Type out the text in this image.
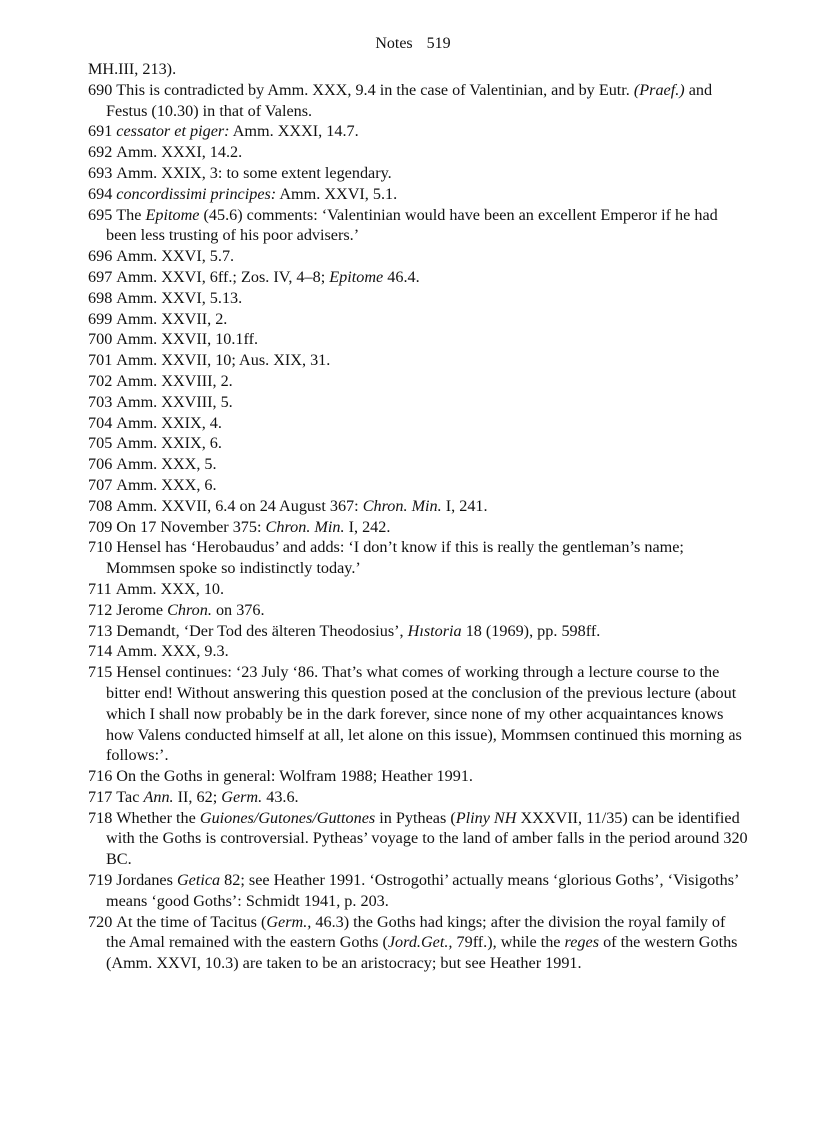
Notes 519
MH.III, 213).
690 This is contradicted by Amm. XXX, 9.4 in the case of Valentinian, and by Eutr. (Praef.) and Festus (10.30) in that of Valens.
691 cessator et piger: Amm. XXXI, 14.7.
692 Amm. XXXI, 14.2.
693 Amm. XXIX, 3: to some extent legendary.
694 concordissimi principes: Amm. XXVI, 5.1.
695 The Epitome (45.6) comments: ‘Valentinian would have been an excellent Emperor if he had been less trusting of his poor advisers.’
696 Amm. XXVI, 5.7.
697 Amm. XXVI, 6ff.; Zos. IV, 4–8; Epitome 46.4.
698 Amm. XXVI, 5.13.
699 Amm. XXVII, 2.
700 Amm. XXVII, 10.1ff.
701 Amm. XXVII, 10; Aus. XIX, 31.
702 Amm. XXVIII, 2.
703 Amm. XXVIII, 5.
704 Amm. XXIX, 4.
705 Amm. XXIX, 6.
706 Amm. XXX, 5.
707 Amm. XXX, 6.
708 Amm. XXVII, 6.4 on 24 August 367: Chron. Min. I, 241.
709 On 17 November 375: Chron. Min. I, 242.
710 Hensel has ‘Herobaudus’ and adds: ‘I don’t know if this is really the gentleman’s name; Mommsen spoke so indistinctly today.’
711 Amm. XXX, 10.
712 Jerome Chron. on 376.
713 Demandt, ‘Der Tod des älteren Theodosius’, Hıstoria 18 (1969), pp. 598ff.
714 Amm. XXX, 9.3.
715 Hensel continues: ‘23 July ‘86. That’s what comes of working through a lecture course to the bitter end! Without answering this question posed at the conclusion of the previous lecture (about which I shall now probably be in the dark forever, since none of my other acquaintances knows how Valens conducted himself at all, let alone on this issue), Mommsen continued this morning as follows:’.
716 On the Goths in general: Wolfram 1988; Heather 1991.
717 Tac Ann. II, 62; Germ. 43.6.
718 Whether the Guiones/Gutones/Guttones in Pytheas (Pliny NH XXXVII, 11/35) can be identified with the Goths is controversial. Pytheas’ voyage to the land of amber falls in the period around 320 BC.
719 Jordanes Getica 82; see Heather 1991. ‘Ostrogothi’ actually means ‘glorious Goths’, ‘Visigoths’ means ‘good Goths’: Schmidt 1941, p. 203.
720 At the time of Tacitus (Germ., 46.3) the Goths had kings; after the division the royal family of the Amal remained with the eastern Goths (Jord.Get., 79ff.), while the reges of the western Goths (Amm. XXVI, 10.3) are taken to be an aristocracy; but see Heather 1991.
